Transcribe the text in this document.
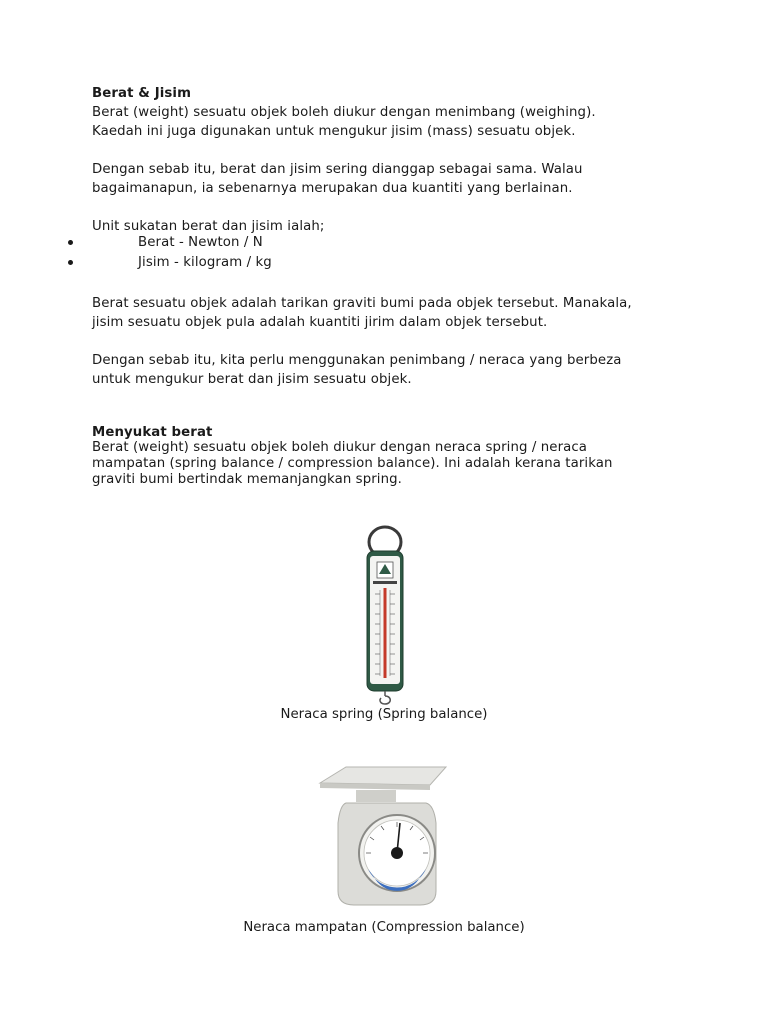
Berat & Jisim
Berat (weight) sesuatu objek boleh diukur dengan menimbang (weighing).
Kaedah ini juga digunakan untuk mengukur jisim (mass) sesuatu objek.
Dengan sebab itu, berat dan jisim sering dianggap sebagai sama. Walau
bagaimanapun, ia sebenarnya merupakan dua kuantiti yang berlainan.
Unit sukatan berat dan jisim ialah;
Berat - Newton / N
Jisim - kilogram / kg
Berat sesuatu objek adalah tarikan graviti bumi pada objek tersebut. Manakala,
jisim sesuatu objek pula adalah kuantiti jirim dalam objek tersebut.
Dengan sebab itu, kita perlu menggunakan penimbang / neraca yang berbeza
untuk mengukur berat dan jisim sesuatu objek.
Menyukat berat
Berat (weight) sesuatu objek boleh diukur dengan neraca spring / neraca
mampatan (spring balance / compression balance). Ini adalah kerana tarikan
graviti bumi bertindak memanjangkan spring.
Neraca spring (Spring balance)
Neraca mampatan (Compression balance)
